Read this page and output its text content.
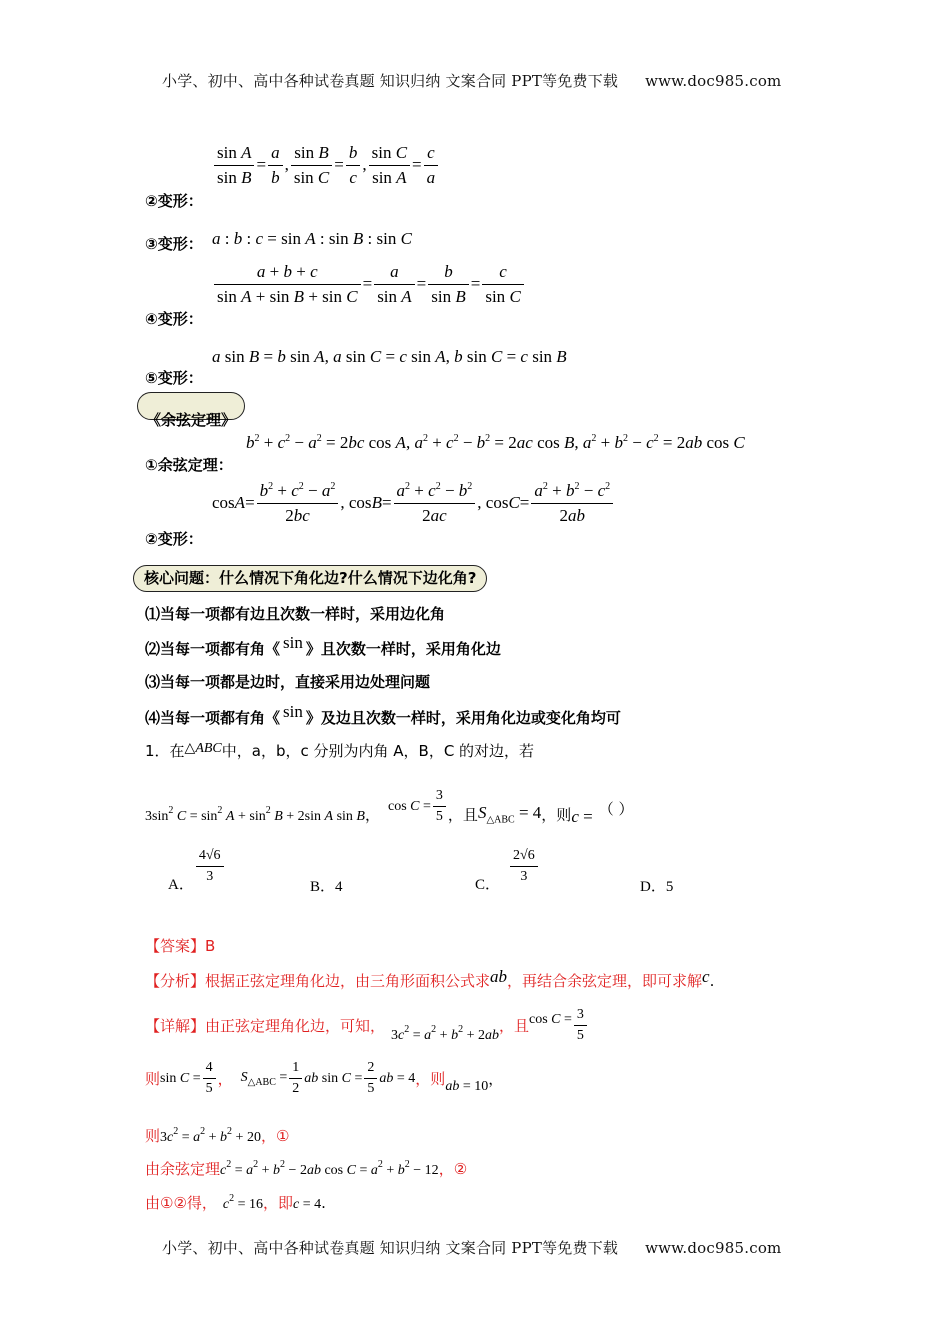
小学、初中、高中各种试卷真题 知识归纳 文案合同 PPT等免费下载 www.doc985.com
$\frac{\text{sin A}}{\text{sin B}} = \frac{a}{b}$ , $\frac{\text{sin B}}{\text{sin C}} = \frac{b}{c}$ , $\frac{\text{sin C}}{\text{sin A}} = \frac{c}{a}$
②变形：
③变形： a : b : c = sin A : sin B : sin C
$\frac{a + b + c}{\text{sin A + sin B + sin C}} = \frac{a}{\text{sin A}} = \frac{b}{\text{sin B}} = \frac{c}{\text{sin C}}$
④变形：
a sin B = b sin A, a sin C = c sin A, b sin C = c sin B
⑤变形：
《余弦定理》
$b^2 + c^2 - a^2 = 2bc$ cos A, $a^2 + c^2 - b^2 = 2ac$ cos B, $a^2 + b^2 - c^2 = 2ab$ cos C
①余弦定理：
$\cos A = \frac{b^2 + c^2 - a^2}{2bc}$ , $\cos B = \frac{a^2 + c^2 - b^2}{2ac}$ , $\cos C = \frac{a^2 + b^2 - c^2}{2ab}$
②变形：
核心问题：什么情况下角化边?什么情况下边化角?
⑴当每一项都有边且次数一样时，采用边化角
⑵当每一项都有角《 sin 》且次数一样时，采用角化边
⑶当每一项都是边时，直接采用边处理问题
⑷当每一项都有角《 sin 》及边且次数一样时，采用角化边或变化角均可
1．在△ABC中，a，b，c 分别为内角 A，B，C 的对边，若
$3\sin^2$ $C = \sin^2 A + \sin^2 B + 2\sin$ A sin B ， $\cos C = \frac{3}{5}$ ，且 $S_{\triangle ABC} = 4$ ，则 c = （ ）
A． $\frac{4√6}{3}$
B．4	C． $\frac{2√6}{3}$
D．5
【答案】B
【分析】根据正弦定理角化边，由三角形面积公式求ab，再结合余弦定理，即可求解c.
【详解】 由正弦定理角化边，可知， $3c^2 = a^2 + b^2 + 2ab$ ，且 $\cos C = \frac{3}{5}$
则 $\sin C = \frac{4}{5}$ ， $S_{\triangle ABC} = \frac{1}{2}$ ab $\sin C = \frac{2}{5}$ ab = 4 ，则 ab = 10 ，
则$3c^2 = a^2 + b^2 + 20$，①
由余弦定理$c^2 = a^2 + b^2 - 2ab$ $\cos C = a^2 + b^2 - 12$，②
由①②得， $c^2 = 16$，即c = 4.
小学、初中、高中各种试卷真题 知识归纳 文案合同 PPT等免费下载 www.doc985.com
